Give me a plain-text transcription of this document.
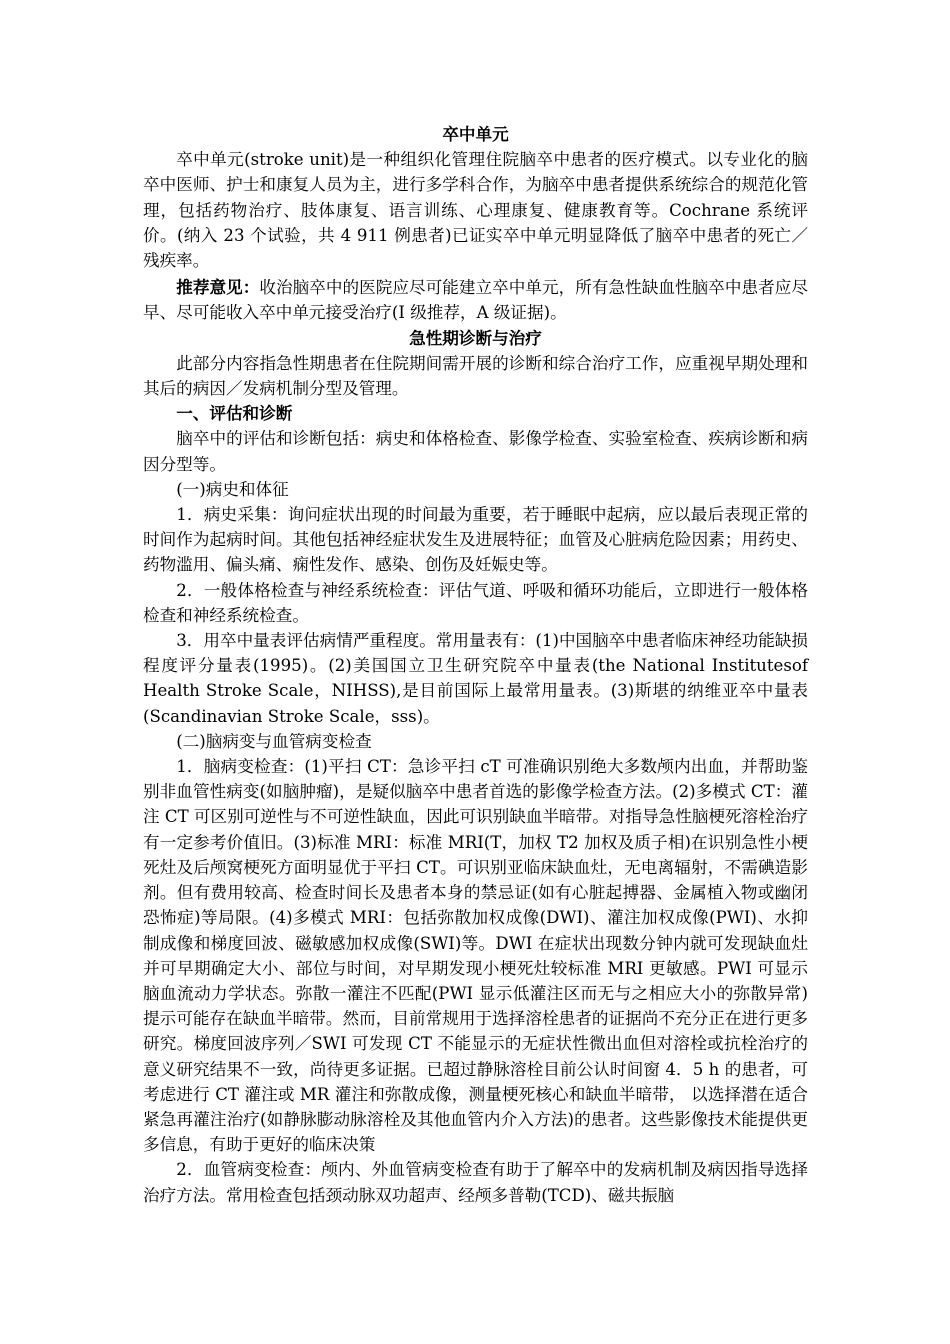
卒中单元

卒中单元(stroke unit)是一种组织化管理住院脑卒中患者的医疗模式。以专业化的脑卒中医师、护士和康复人员为主，进行多学科合作，为脑卒中患者提供系统综合的规范化管理，包括药物治疗、肢体康复、语言训练、心理康复、健康教育等。Cochrane 系统评价。(纳入 23 个试验，共 4 911 例患者)已证实卒中单元明显降低了脑卒中患者的死亡／残疾率。

推荐意见：收治脑卒中的医院应尽可能建立卒中单元，所有急性缺血性脑卒中患者应尽早、尽可能收入卒中单元接受治疗(I 级推荐，A 级证据)。

急性期诊断与治疗

此部分内容指急性期患者在住院期间需开展的诊断和综合治疗工作，应重视早期处理和其后的病因／发病机制分型及管理。

一、评估和诊断

脑卒中的评估和诊断包括：病史和体格检查、影像学检查、实验室检查、疾病诊断和病因分型等。

(一)病史和体征

1．病史采集：询问症状出现的时间最为重要，若于睡眠中起病，应以最后表现正常的时间作为起病时间。其他包括神经症状发生及进展特征；血管及心脏病危险因素；用药史、药物滥用、偏头痛、痫性发作、感染、创伤及妊娠史等。

2．一般体格检查与神经系统检查：评估气道、呼吸和循环功能后，立即进行一般体格检查和神经系统检查。

3．用卒中量表评估病情严重程度。常用量表有：(1)中国脑卒中患者临床神经功能缺损程度评分量表(1995)。(2)美国国立卫生研究院卒中量表(the National Institutesof Health Stroke Scale，NIHSS),是目前国际上最常用量表。(3)斯堪的纳维亚卒中量表(Scandinavian Stroke Scale，sss)。

(二)脑病变与血管病变检查

1．脑病变检查：(1)平扫 CT：急诊平扫 cT 可准确识别绝大多数颅内出血，并帮助鉴别非血管性病变(如脑肿瘤)，是疑似脑卒中患者首选的影像学检查方法。(2)多模式 CT：灌注 CT 可区别可逆性与不可逆性缺血，因此可识别缺血半暗带。对指导急性脑梗死溶栓治疗有一定参考价值旧。(3)标准 MRI：标准 MRI(T，加权 T2 加权及质子相)在识别急性小梗死灶及后颅窝梗死方面明显优于平扫 CT。可识别亚临床缺血灶，无电离辐射，不需碘造影剂。但有费用较高、检查时间长及患者本身的禁忌证(如有心脏起搏器、金属植入物或幽闭恐怖症)等局限。(4)多模式 MRI：包括弥散加权成像(DWI)、灌注加权成像(PWI)、水抑制成像和梯度回波、磁敏感加权成像(SWI)等。DWI 在症状出现数分钟内就可发现缺血灶并可早期确定大小、部位与时间，对早期发现小梗死灶较标准 MRI 更敏感。PWI 可显示脑血流动力学状态。弥散一灌注不匹配(PWI 显示低灌注区而无与之相应大小的弥散异常)提示可能存在缺血半暗带。然而，目前常规用于选择溶栓患者的证据尚不充分正在进行更多研究。梯度回波序列／SWI 可发现 CT 不能显示的无症状性微出血但对溶栓或抗栓治疗的意义研究结果不一致，尚待更多证据。已超过静脉溶栓目前公认时间窗 4．5 h 的患者，可考虑进行 CT 灌注或 MR 灌注和弥散成像，测量梗死核心和缺血半暗带， 以选择潜在适合紧急再灌注治疗(如静脉膨动脉溶栓及其他血管内介入方法)的患者。这些影像技术能提供更多信息，有助于更好的临床决策

2．血管病变检查：颅内、外血管病变检查有助于了解卒中的发病机制及病因指导选择治疗方法。常用检查包括颈动脉双功超声、经颅多普勒(TCD)、磁共振脑
